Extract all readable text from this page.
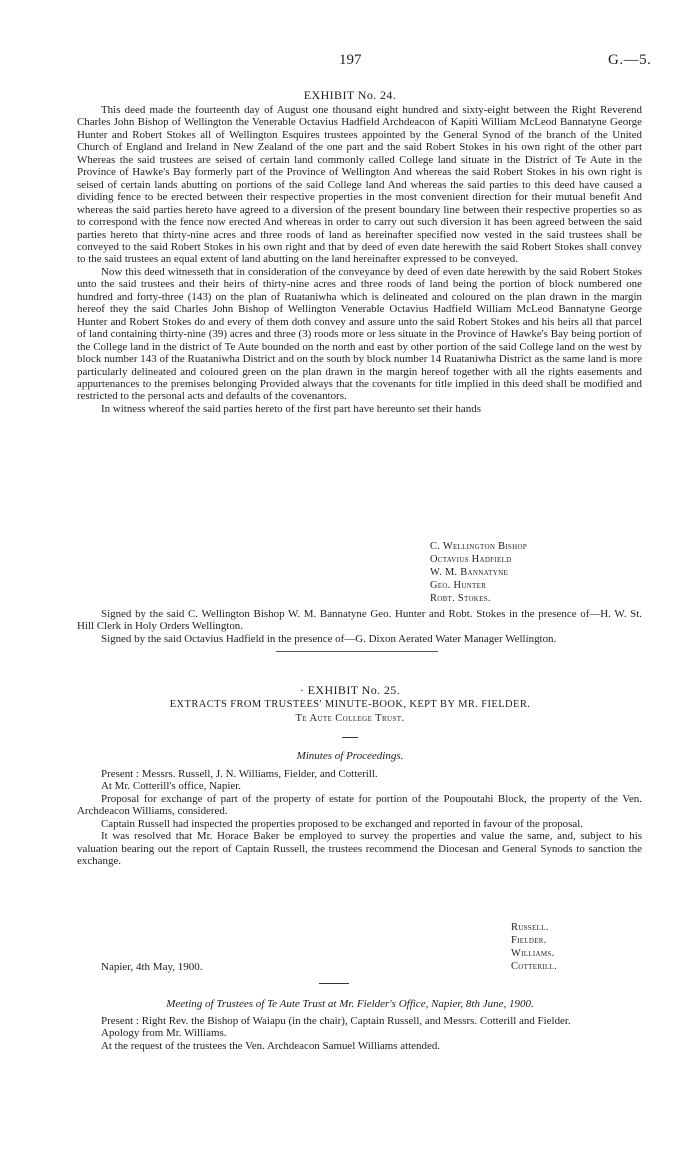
197	G.—5.
EXHIBIT No. 24.

This deed made the fourteenth day of August one thousand eight hundred and sixty-eight between the Right Reverend Charles John Bishop of Wellington the Venerable Octavius Hadfield Archdeacon of Kapiti William McLeod Bannatyne George Hunter and Robert Stokes all of Wellington Esquires trustees appointed by the General Synod of the branch of the United Church of England and Ireland in New Zealand of the one part and the said Robert Stokes in his own right of the other part Whereas the said trustees are seised of certain land commonly called College land situate in the District of Te Aute in the Province of Hawke's Bay formerly part of the Province of Wellington And whereas the said Robert Stokes in his own right is seised of certain lands abutting on portions of the said College land And whereas the said parties to this deed have caused a dividing fence to be erected between their respective properties in the most convenient direction for their mutual benefit And whereas the said parties hereto have agreed to a diversion of the present boundary line between their respective properties so as to correspond with the fence now erected And whereas in order to carry out such diversion it has been agreed between the said parties hereto that thirty-nine acres and three roods of land as hereinafter specified now vested in the said trustees shall be conveyed to the said Robert Stokes in his own right and that by deed of even date herewith the said Robert Stokes shall convey to the said trustees an equal extent of land abutting on the land hereinafter expressed to be conveyed.

Now this deed witnesseth that in consideration of the conveyance by deed of even date herewith by the said Robert Stokes unto the said trustees and their heirs of thirty-nine acres and three roods of land being the portion of block numbered one hundred and forty-three (143) on the plan of Ruataniwha which is delineated and coloured on the plan drawn in the margin hereof they the said Charles John Bishop of Wellington Venerable Octavius Hadfield William McLeod Bannatyne George Hunter and Robert Stokes do and every of them doth convey and assure unto the said Robert Stokes and his heirs all that parcel of land containing thirty-nine (39) acres and three (3) roods more or less situate in the Province of Hawke's Bay being portion of the College land in the district of Te Aute bounded on the north and east by other portion of the said College land on the west by block number 143 of the Ruataniwha District and on the south by block number 14 Ruataniwha District as the same land is more particularly delineated and coloured green on the plan drawn in the margin hereof together with all the rights easements and appurtenances to the premises belonging Provided always that the covenants for title implied in this deed shall be modified and restricted to the personal acts and defaults of the covenantors.

In witness whereof the said parties hereto of the first part have hereunto set their hands

C. Wellington Bishop
Octavius Hadfield
W. M. Bannatyne
Geo. Hunter
Robt. Stokes.

Signed by the said C. Wellington Bishop W. M. Bannatyne Geo. Hunter and Robt. Stokes in the presence of—H. W. St. Hill Clerk in Holy Orders Wellington.

Signed by the said Octavius Hadfield in the presence of—G. Dixon Aerated Water Manager Wellington.

· EXHIBIT No. 25.
EXTRACTS FROM TRUSTEES' MINUTE-BOOK, KEPT BY MR. FIELDER.
Te Aute College Trust.
Minutes of Proceedings.

Present : Messrs. Russell, J. N. Williams, Fielder, and Cotterill.

At Mr. Cotterill's office, Napier.

Proposal for exchange of part of the property of estate for portion of the Poupoutahi Block, the property of the Ven. Archdeacon Williams, considered.

Captain Russell had inspected the properties proposed to be exchanged and reported in favour of the proposal.

It was resolved that Mr. Horace Baker be employed to survey the properties and value the same, and, subject to his valuation bearing out the report of Captain Russell, the trustees recommend the Diocesan and General Synods to sanction the exchange.

Russell.
Fielder.
Williams.
Cotterill.
Napier, 4th May, 1900.
Meeting of Trustees of Te Aute Trust at Mr. Fielder's Office, Napier, 8th June, 1900.

Present : Right Rev. the Bishop of Waiapu (in the chair), Captain Russell, and Messrs. Cotterill and Fielder.

Apology from Mr. Williams.

At the request of the trustees the Ven. Archdeacon Samuel Williams attended.
